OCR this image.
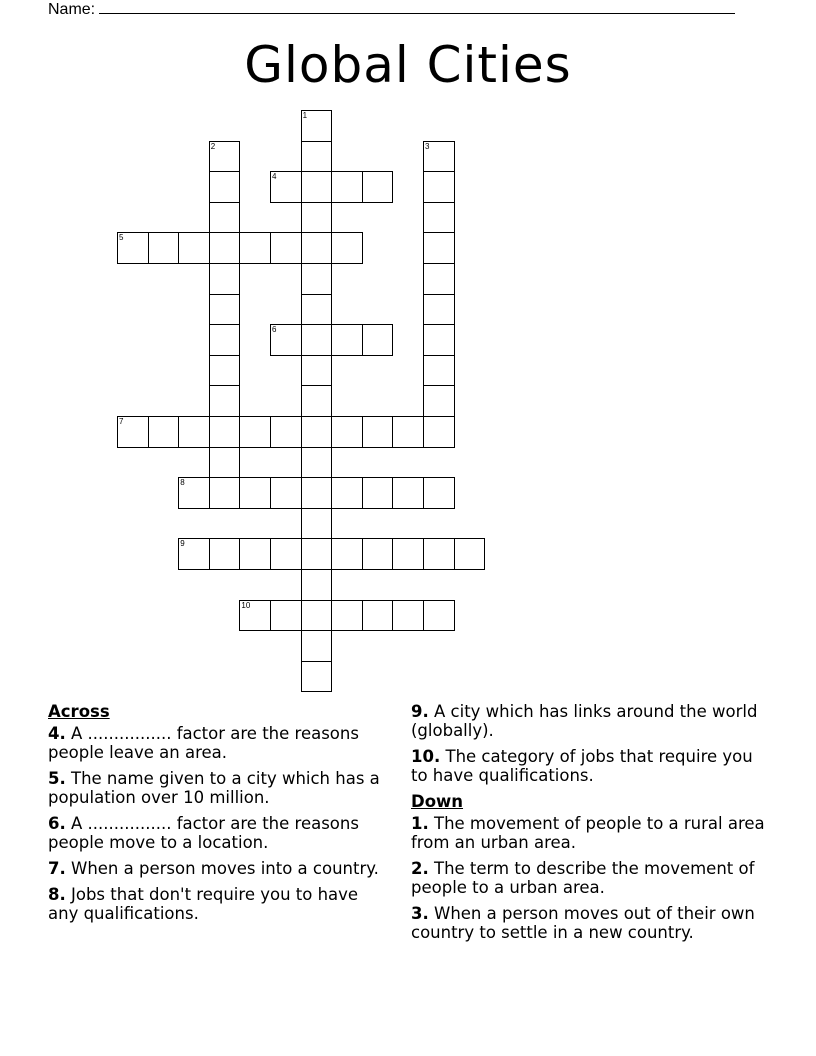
Name:
Global Cities
1
2	3
4
5
6
7
8
9
10
Across
4. A ................ factor are the reasons people leave an area.
5. The name given to a city which has a population over 10 million.
6. A ................ factor are the reasons people move to a location.
7. When a person moves into a country.
8. Jobs that don't require you to have any qualifications.
9. A city which has links around the world (globally).
10. The category of jobs that require you to have qualifications.
Down
1. The movement of people to a rural area from an urban area.
2. The term to describe the movement of people to a urban area.
3. When a person moves out of their own country to settle in a new country.
